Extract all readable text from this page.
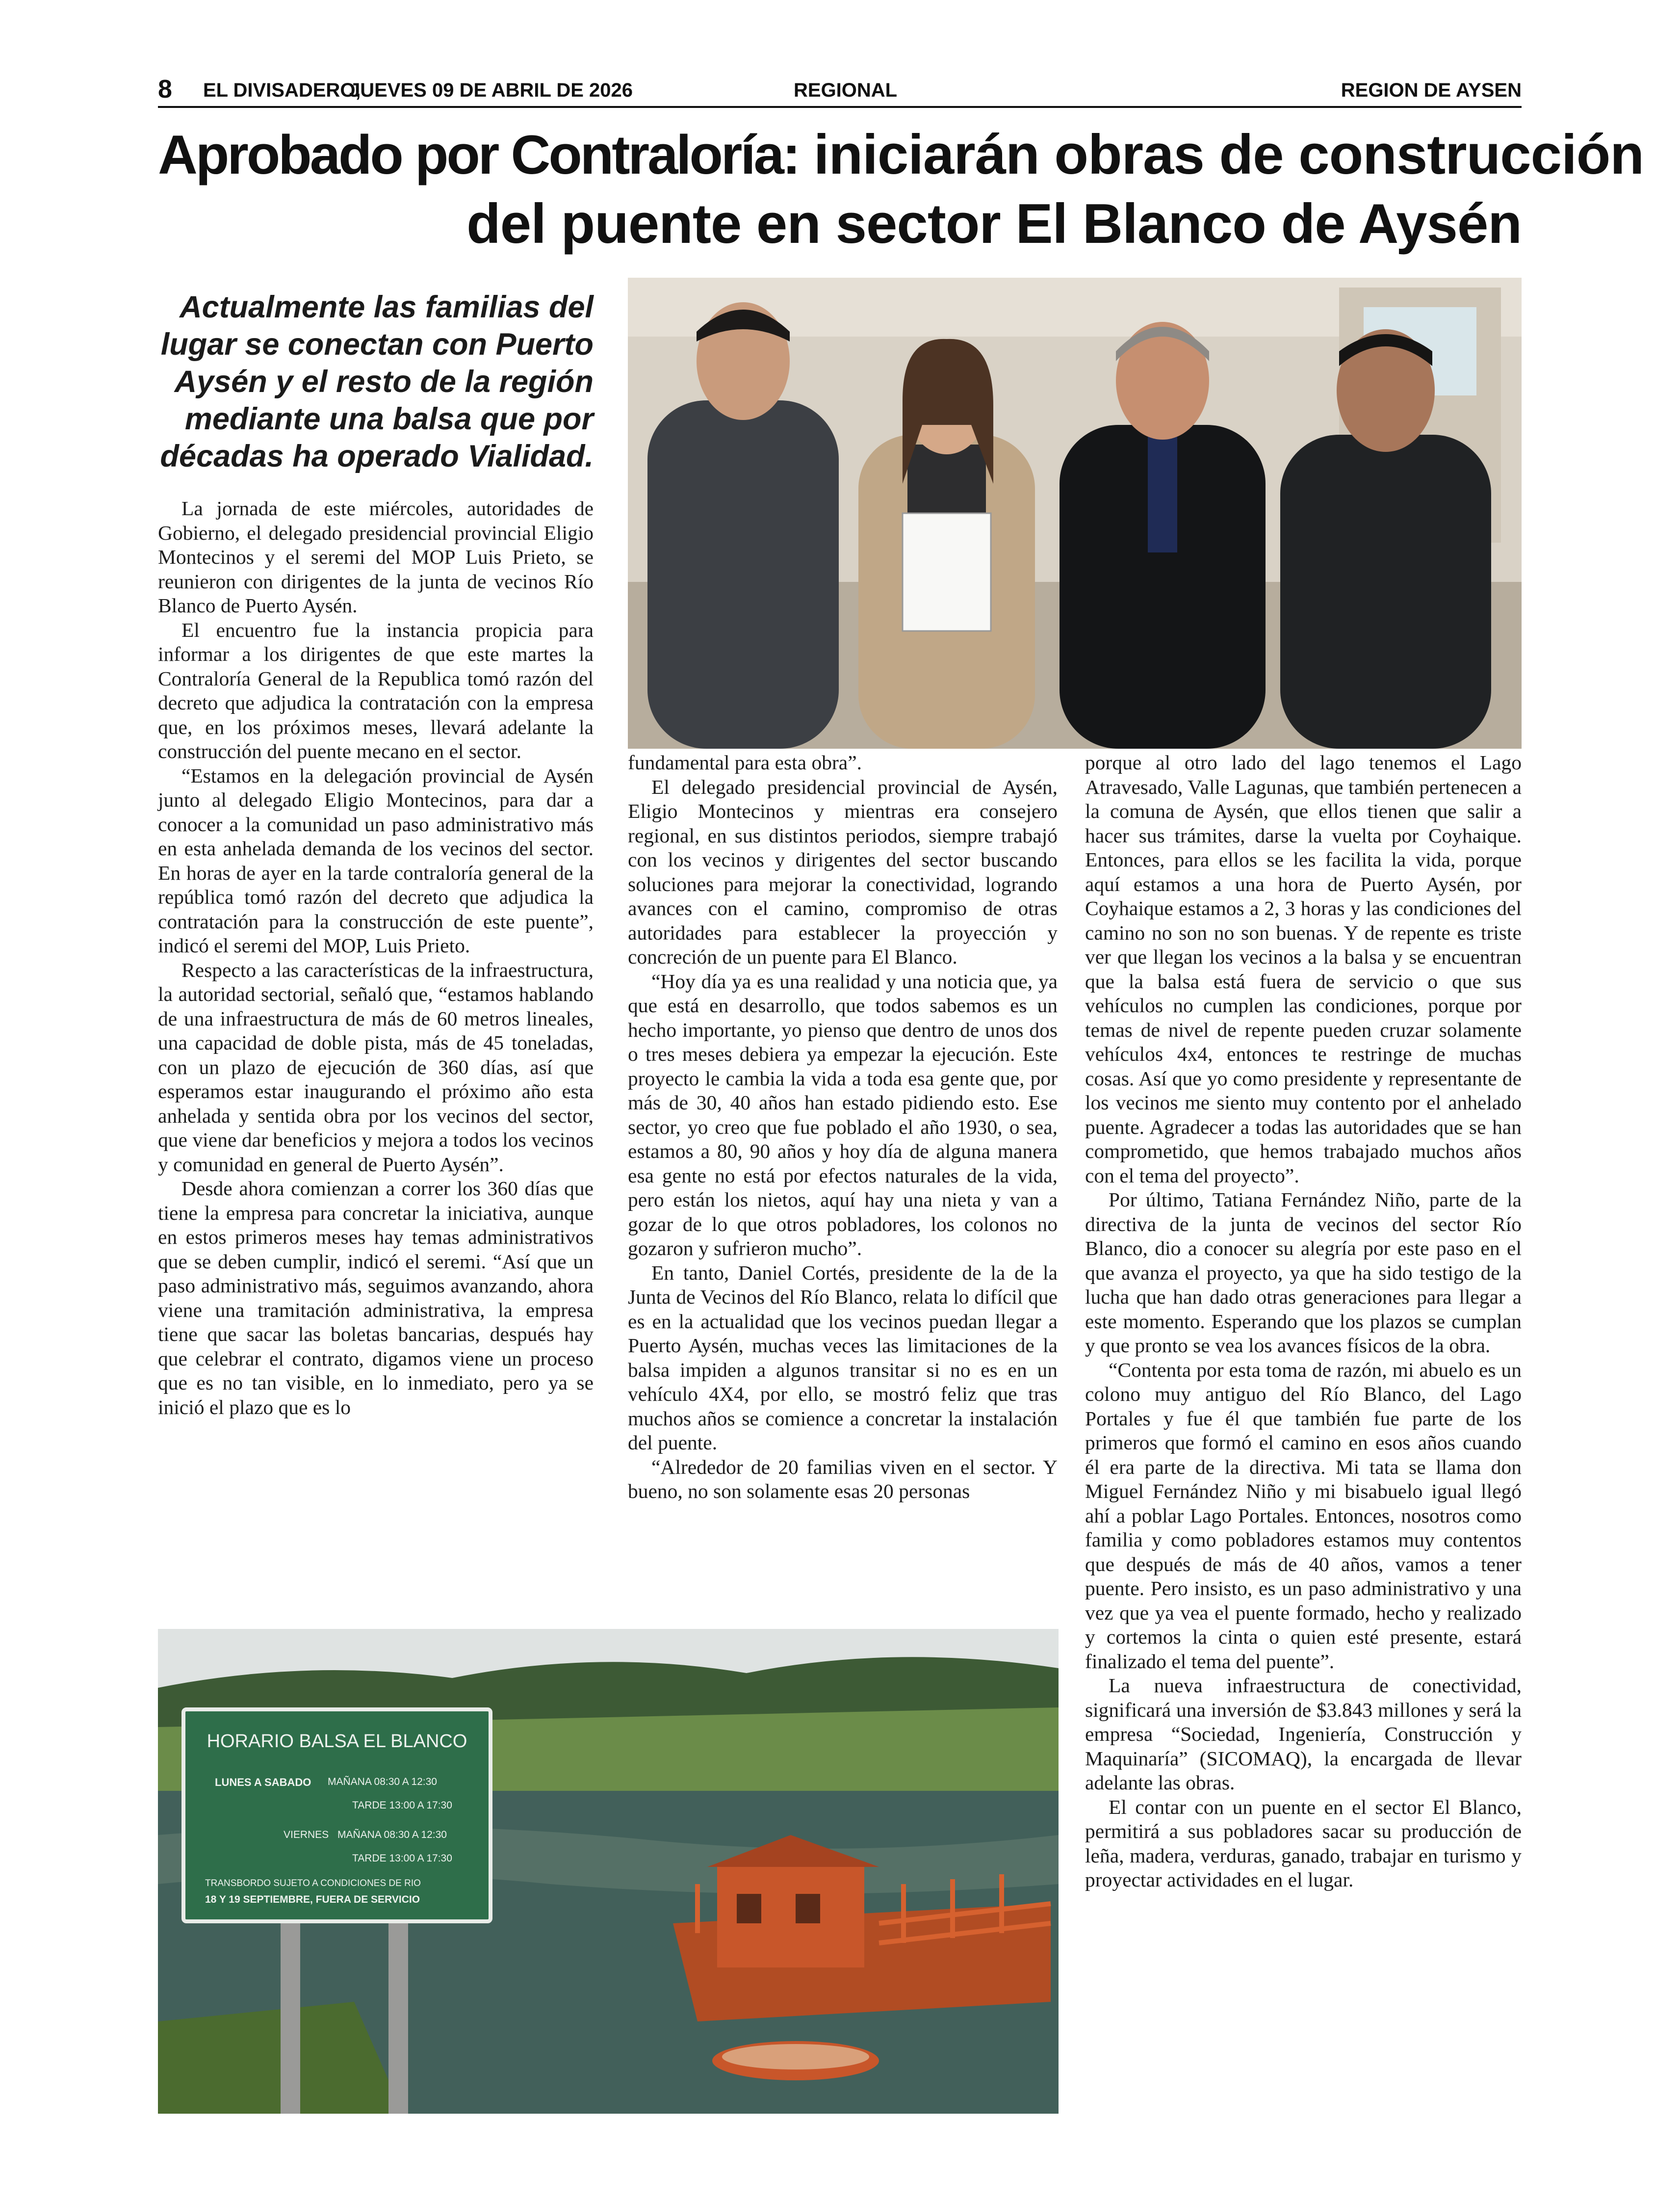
8 EL DIVISADERO,
JUEVES 09 DE ABRIL DE 2026	REGIONAL	REGION DE AYSEN
Aprobado por Contraloría: iniciarán obras de construcción
del puente en sector El Blanco de Aysén
Actualmente las familias del lugar se conectan con Puerto Aysén y el resto de la región mediante una balsa que por décadas ha operado Vialidad.

La jornada de este miércoles, autoridades de Gobierno, el delegado presidencial provincial Eligio Montecinos y el seremi del MOP Luis Prieto, se reunieron con dirigentes de la junta de vecinos Río Blanco de Puerto Aysén.

El encuentro fue la instancia propicia para informar a los dirigentes de que este martes la Contraloría General de la Republica tomó razón del decreto que adjudica la contratación con la empresa que, en los próximos meses, llevará adelante la construcción del puente mecano en el sector.

“Estamos en la delegación provincial de Aysén junto al delegado Eligio Montecinos, para dar a conocer a la comunidad un paso administrativo más en esta anhelada demanda de los vecinos del sector. En horas de ayer en la tarde contraloría general de la república tomó razón del decreto que adjudica la contratación para la construcción de este puente”, indicó el seremi del MOP, Luis Prieto.

Respecto a las características de la infraestructura, la autoridad sectorial, señaló que, “estamos hablando de una infraestructura de más de 60 metros lineales, una capacidad de doble pista, más de 45 toneladas, con un plazo de ejecución de 360 días, así que esperamos estar inaugurando el próximo año esta anhelada y sentida obra por los vecinos del sector, que viene dar beneficios y mejora a todos los vecinos y comunidad en general de Puerto Aysén”.

Desde ahora comienzan a correr los 360 días que tiene la empresa para concretar la iniciativa, aunque en estos primeros meses hay temas administrativos que se deben cumplir, indicó el seremi. “Así que un paso administrativo más, seguimos avanzando, ahora viene una tramitación administrativa, la empresa tiene que sacar las boletas bancarias, después hay que celebrar el contrato, digamos viene un proceso que es no tan visible, en lo inmediato, pero ya se inició el plazo que es lo

fundamental para esta obra”.

El delegado presidencial provincial de Aysén, Eligio Montecinos y mientras era consejero regional, en sus distintos periodos, siempre trabajó con los vecinos y dirigentes del sector buscando soluciones para mejorar la conectividad, logrando avances con el camino, compromiso de otras autoridades para establecer la proyección y concreción de un puente para El Blanco.

“Hoy día ya es una realidad y una noticia que, ya que está en desarrollo, que todos sabemos es un hecho importante, yo pienso que dentro de unos dos o tres meses debiera ya empezar la ejecución. Este proyecto le cambia la vida a toda esa gente que, por más de 30, 40 años han estado pidiendo esto. Ese sector, yo creo que fue poblado el año 1930, o sea, estamos a 80, 90 años y hoy día de alguna manera esa gente no está por efectos naturales de la vida, pero están los nietos, aquí hay una nieta y van a gozar de lo que otros pobladores, los colonos no gozaron y sufrieron mucho”.

En tanto, Daniel Cortés, presidente de la de la Junta de Vecinos del Río Blanco, relata lo difícil que es en la actualidad que los vecinos puedan llegar a Puerto Aysén, muchas veces las limitaciones de la balsa impiden a algunos transitar si no es en un vehículo 4X4, por ello, se mostró feliz que tras muchos años se comience a concretar la instalación del puente.

“Alrededor de 20 familias viven en el sector. Y bueno, no son solamente esas 20 personas

porque al otro lado del lago tenemos el Lago Atravesado, Valle Lagunas, que también pertenecen a la comuna de Aysén, que ellos tienen que salir a hacer sus trámites, darse la vuelta por Coyhaique. Entonces, para ellos se les facilita la vida, porque aquí estamos a una hora de Puerto Aysén, por Coyhaique estamos a 2, 3 horas y las condiciones del camino no son no son buenas. Y de repente es triste ver que llegan los vecinos a la balsa y se encuentran que la balsa está fuera de servicio o que sus vehículos no cumplen las condiciones, porque por temas de nivel de repente pueden cruzar solamente vehículos 4x4, entonces te restringe de muchas cosas. Así que yo como presidente y representante de los vecinos me siento muy contento por el anhelado puente. Agradecer a todas las autoridades que se han comprometido, que hemos trabajado muchos años con el tema del proyecto”.

Por último, Tatiana Fernández Niño, parte de la directiva de la junta de vecinos del sector Río Blanco, dio a conocer su alegría por este paso en el que avanza el proyecto, ya que ha sido testigo de la lucha que han dado otras generaciones para llegar a este momento. Esperando que los plazos se cumplan y que pronto se vea los avances físicos de la obra.

“Contenta por esta toma de razón, mi abuelo es un colono muy antiguo del Río Blanco, del Lago Portales y fue él que también fue parte de los primeros que formó el camino en esos años cuando él era parte de la directiva. Mi tata se llama don Miguel Fernández Niño y mi bisabuelo igual llegó ahí a poblar Lago Portales. Entonces, nosotros como familia y como pobladores estamos muy contentos que después de más de 40 años, vamos a tener puente. Pero insisto, es un paso administrativo y una vez que ya vea el puente formado, hecho y realizado y cortemos la cinta o quien esté presente, estará finalizado el tema del puente”.

La nueva infraestructura de conectividad, significará una inversión de $3.843 millones y será la empresa “Sociedad, Ingeniería, Construcción y Maquinaría” (SICOMAQ), la encargada de llevar adelante las obras.

El contar con un puente en el sector El Blanco, permitirá a sus pobladores sacar su producción de leña, madera, verduras, ganado, trabajar en turismo y proyectar actividades en el lugar.

HORARIO BALSA EL BLANCO
LUNES A SABADO MAÑANA 08:30 A 12:30
TARDE 13:00 A 17:30
VIERNES MAÑANA 08:30 A 12:30
TARDE 13:00 A 17:30
TRANSBORDO SUJETO A CONDICIONES DE RIO
18 Y 19 SEPTIEMBRE, FUERA DE SERVICIO
